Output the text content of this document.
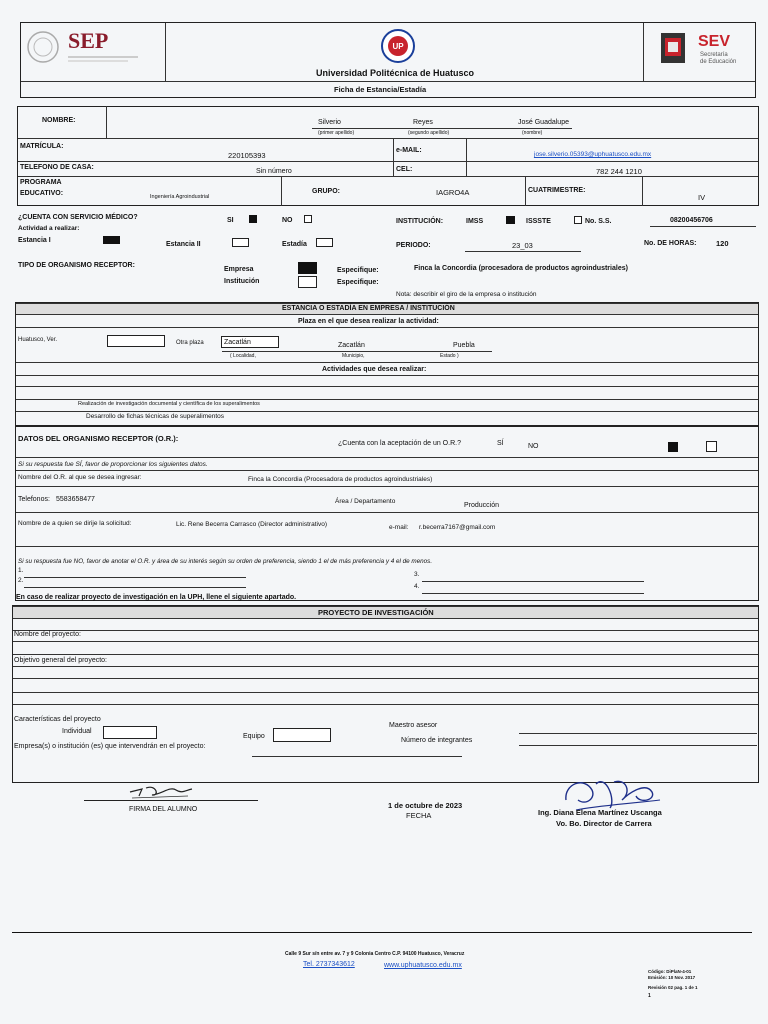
SEP	UP
Universidad Politécnica de Huatusco
Ficha de Estancia/Estadía
SEV
Secretaría
de Educación
NOMBRE:	Silverio	Reyes	José Guadalupe
(primer apellido)	(segundo apellido)	(nombre)
MATRÍCULA:
220105393
e-MAIL:
jose.silverio.05393@uphuatusco.edu.mx
TELEFONO DE CASA:
Sin número	CEL:	782 244 1210
PROGRAMA
EDUCATIVO:	Ingeniería Agroindustrial
GRUPO:	IAGRO4A	CUATRIMESTRE:
IV
¿CUENTA CON SERVICIO MÉDICO?	SI	NO	INSTITUCIÓN:	IMSS	ISSSTE	No. S.S.	08200456706
Actividad a realizar:
Estancia I
Estancia II	Estadía	PERIODO:	23_03	No. DE HORAS:	120
TIPO DE ORGANISMO RECEPTOR:
Empresa
Institución
Especifique:	Finca la Concordia (procesadora de productos agroindustriales)
Especifique:
Nota: describir el giro de la empresa o institución
ESTANCIA O ESTADÍA EN EMPRESA / INSTITUCIÓN
Plaza en el que desea realizar la actividad:
Huatusco, Ver.	Otra plaza	Zacatlán	Zacatlán	Puebla
( Localidad,	Municipio,	Estado )
Actividades que desea realizar:
Realización de investigación documental y científica de los superalimentos
Desarrollo de fichas técnicas de superalimentos
DATOS DEL ORGANISMO RECEPTOR (O.R.):
¿Cuenta con la aceptación de un O.R.?	SÍ	NO
Si su respuesta fue SÍ, favor de proporcionar los siguientes datos.
Nombre del O.R. al que se desea ingresar:	Finca la Concordia (Procesadora de productos agroindustriales)
Telefonos: 5583658477	Área / Departamento
Producción
Nombre de a quien se dirije la solicitud:	Lic. Rene Becerra Carrasco (Director administrativo)	e-mail: r.becerra7167@gmail.com
Si su respuesta fue NO, favor de anotar el O.R. y área de su interés según su orden de preferencia, siendo 1 el de más preferencia y 4 el de menos.
1.
2.
3.
4.
En caso de realizar proyecto de investigación en la UPH, llene el siguiente apartado.
PROYECTO DE INVESTIGACIÓN
Nombre del proyecto:
Objetivo general del proyecto:
Características del proyecto
Individual
Equipo
Maestro asesor
Número de integrantes
Empresa(s) o institución (es) que intervendrán en el proyecto:
FIRMA DEL ALUMNO	1 de octubre de 2023
FECHA	Ing. Diana Elena Martínez Uscanga
Vo. Bo. Director de Carrera
Calle 9 Sur s/n entre av. 7 y 9 Colonia Centro C.P. 94100 Huatusco, Veracruz
Tel. 2737343612	www.uphuatusco.edu.mx
Código: DiPlaN-4-01
Emisión: 10 Nov. 2017
Revisión 02 pag. 1 de 1
1
